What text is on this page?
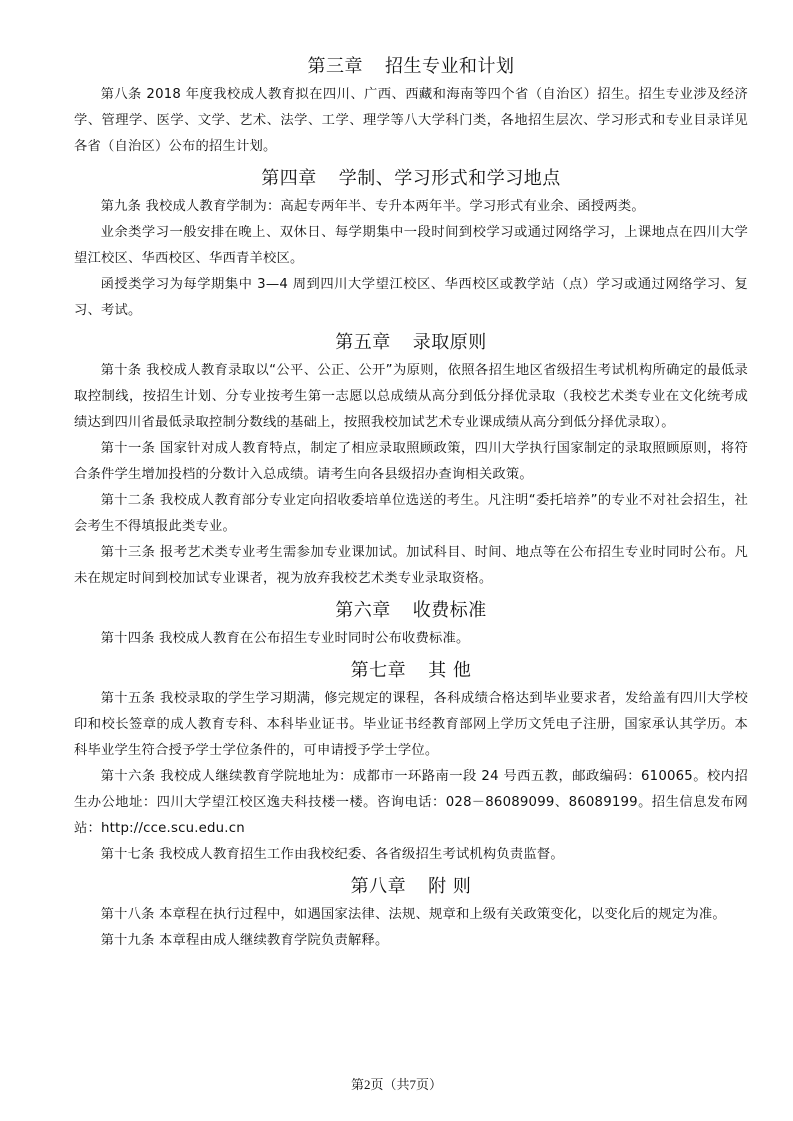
第三章 招生专业和计划

第八条 2018 年度我校成人教育拟在四川、广西、西藏和海南等四个省（自治区）招生。招生专业涉及经济学、管理学、医学、文学、艺术、法学、工学、理学等八大学科门类，各地招生层次、学习形式和专业目录详见各省（自治区）公布的招生计划。

第四章 学制、学习形式和学习地点

第九条 我校成人教育学制为：高起专两年半、专升本两年半。学习形式有业余、函授两类。

业余类学习一般安排在晚上、双休日、每学期集中一段时间到校学习或通过网络学习，上课地点在四川大学望江校区、华西校区、华西青羊校区。

函授类学习为每学期集中 3—4 周到四川大学望江校区、华西校区或教学站（点）学习或通过网络学习、复习、考试。

第五章 录取原则

第十条 我校成人教育录取以“公平、公正、公开”为原则，依照各招生地区省级招生考试机构所确定的最低录取控制线，按招生计划、分专业按考生第一志愿以总成绩从高分到低分择优录取（我校艺术类专业在文化统考成绩达到四川省最低录取控制分数线的基础上，按照我校加试艺术专业课成绩从高分到低分择优录取）。

第十一条 国家针对成人教育特点，制定了相应录取照顾政策，四川大学执行国家制定的录取照顾原则，将符合条件学生增加投档的分数计入总成绩。请考生向各县级招办查询相关政策。

第十二条 我校成人教育部分专业定向招收委培单位选送的考生。凡注明“委托培养”的专业不对社会招生，社会考生不得填报此类专业。

第十三条 报考艺术类专业考生需参加专业课加试。加试科目、时间、地点等在公布招生专业时同时公布。凡未在规定时间到校加试专业课者，视为放弃我校艺术类专业录取资格。

第六章 收费标准

第十四条 我校成人教育在公布招生专业时同时公布收费标准。

第七章 其 他

第十五条 我校录取的学生学习期满，修完规定的课程，各科成绩合格达到毕业要求者，发给盖有四川大学校印和校长签章的成人教育专科、本科毕业证书。毕业证书经教育部网上学历文凭电子注册，国家承认其学历。本科毕业学生符合授予学士学位条件的，可申请授予学士学位。

第十六条 我校成人继续教育学院地址为：成都市一环路南一段 24 号西五教，邮政编码：610065。校内招生办公地址：四川大学望江校区逸夫科技楼一楼。咨询电话：028－86089099、86089199。招生信息发布网站：http://cce.scu.edu.cn

第十七条 我校成人教育招生工作由我校纪委、各省级招生考试机构负责监督。

第八章 附 则

第十八条 本章程在执行过程中，如遇国家法律、法规、规章和上级有关政策变化，以变化后的规定为准。

第十九条 本章程由成人继续教育学院负责解释。

第2页（共7页）
